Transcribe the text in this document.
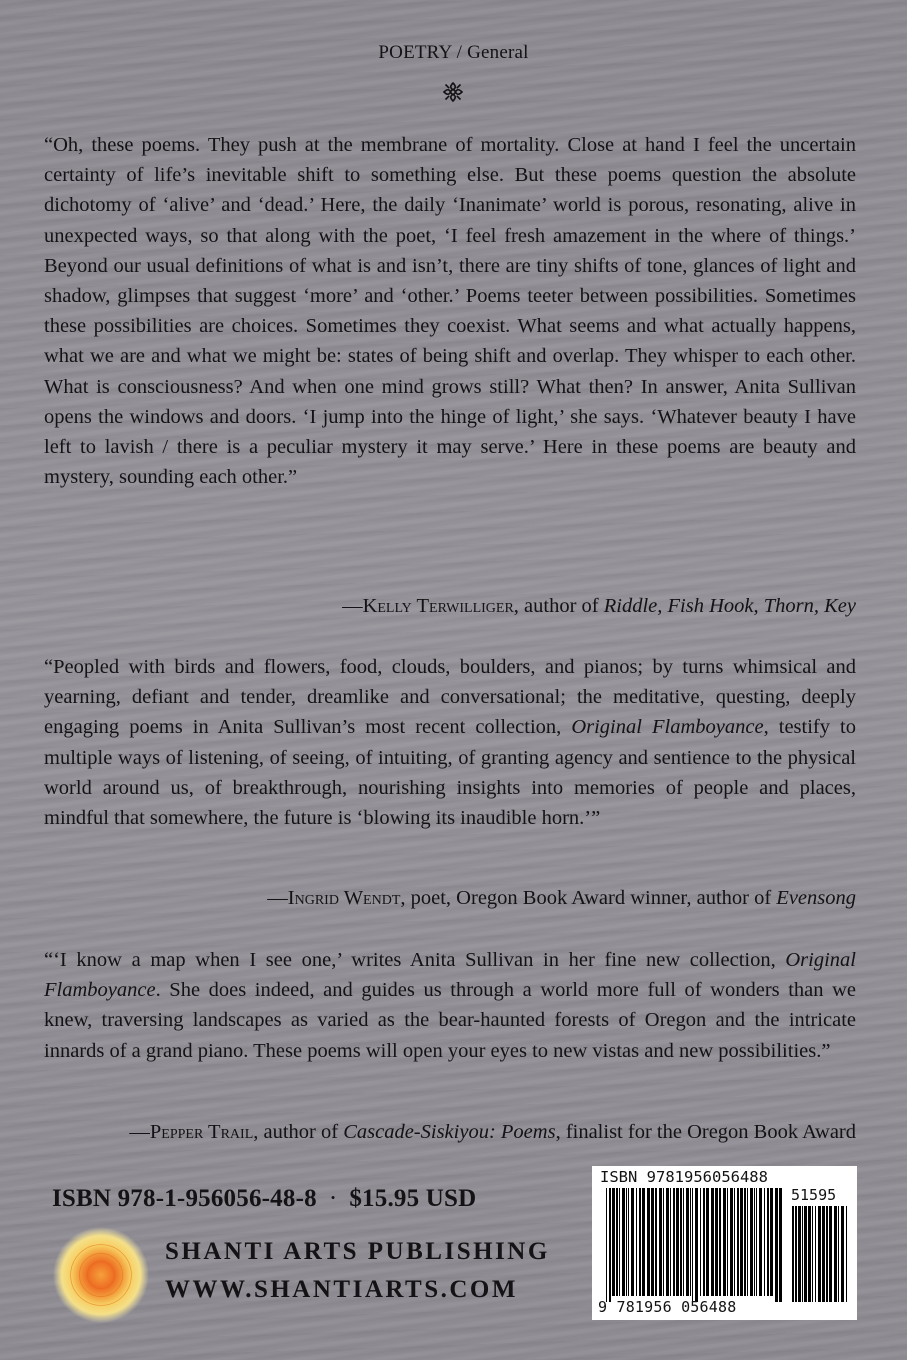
POETRY / General

“Oh, these poems. They push at the membrane of mortality. Close at hand I feel the uncertain certainty of life’s inevitable shift to something else. But these poems question the absolute dichotomy of ‘alive’ and ‘dead.’ Here, the daily ‘Inanimate’ world is porous, resonating, alive in unexpected ways, so that along with the poet, ‘I feel fresh amazement in the where of things.’ Beyond our usual definitions of what is and isn’t, there are tiny shifts of tone, glances of light and shadow, glimpses that suggest ‘more’ and ‘other.’ Poems teeter between possibilities. Sometimes these possibilities are choices. Sometimes they coexist. What seems and what actually happens, what we are and what we might be: states of being shift and overlap. They whisper to each other. What is consciousness? And when one mind grows still? What then? In answer, Anita Sullivan opens the windows and doors. ‘I jump into the hinge of light,’ she says. ‘Whatever beauty I have left to lavish / there is a peculiar mystery it may serve.’ Here in these poems are beauty and mystery, sounding each other.”

—Kelly Terwilliger, author of Riddle, Fish Hook, Thorn, Key

“Peopled with birds and flowers, food, clouds, boulders, and pianos; by turns whimsical and yearning, defiant and tender, dreamlike and conversational; the meditative, questing, deeply engaging poems in Anita Sullivan’s most recent collection, Original Flamboyance, testify to multiple ways of listening, of seeing, of intuiting, of granting agency and sentience to the physical world around us, of breakthrough, nourishing insights into memories of people and places, mindful that somewhere, the future is ‘blowing its inaudible horn.’”

—Ingrid Wendt, poet, Oregon Book Award winner, author of Evensong

“‘I know a map when I see one,’ writes Anita Sullivan in her fine new collection, Original Flamboyance. She does indeed, and guides us through a world more full of wonders than we knew, traversing landscapes as varied as the bear-haunted forests of Oregon and the intricate innards of a grand piano. These poems will open your eyes to new vistas and new possibilities.”

—Pepper Trail, author of Cascade-Siskiyou: Poems, finalist for the Oregon Book Award

ISBN 978-1-956056-48-8 · $15.95 USD
SHANTI ARTS PUBLISHING
WWW.SHANTIARTS.COM
ISBN 9781956056488
51595
9 781956 056488
